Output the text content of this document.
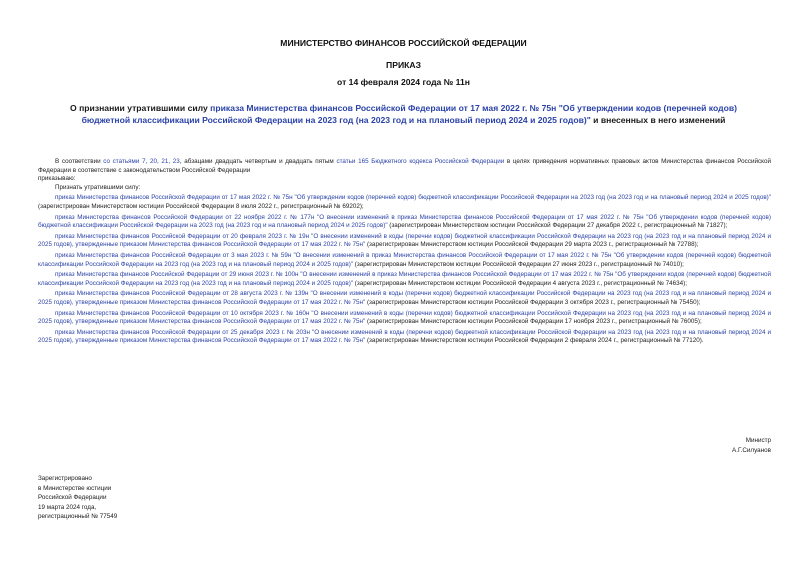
МИНИСТЕРСТВО ФИНАНСОВ РОССИЙСКОЙ ФЕДЕРАЦИИ
ПРИКАЗ
от 14 февраля 2024 года № 11н
О признании утратившими силу приказа Министерства финансов Российской Федерации от 17 мая 2022 г. № 75н "Об утверждении кодов (перечней кодов) бюджетной классификации Российской Федерации на 2023 год (на 2023 год и на плановый период 2024 и 2025 годов)" и внесенных в него изменений

В соответствии со статьями 7, 20, 21, 23, абзацами двадцать четвертым и двадцать пятым статьи 165 Бюджетного кодекса Российской Федерации в целях приведения нормативных правовых актов Министерства финансов Российской Федерации в соответствие с законодательством Российской Федерации

приказываю:

Признать утратившими силу:

приказ Министерства финансов Российской Федерации от 17 мая 2022 г. № 75н "Об утверждении кодов (перечней кодов) бюджетной классификации Российской Федерации на 2023 год (на 2023 год и на плановый период 2024 и 2025 годов)" (зарегистрирован Министерством юстиции Российской Федерации 8 июля 2022 г., регистрационный № 69202);

приказ Министерства финансов Российской Федерации от 22 ноября 2022 г. № 177н "О внесении изменений в приказ Министерства финансов Российской Федерации от 17 мая 2022 г. № 75н "Об утверждении кодов (перечней кодов) бюджетной классификации Российской Федерации на 2023 год (на 2023 год и на плановый период 2024 и 2025 годов)" (зарегистрирован Министерством юстиции Российской Федерации 27 декабря 2022 г., регистрационный № 71827);

приказ Министерства финансов Российской Федерации от 20 февраля 2023 г. № 19н "О внесении изменений в коды (перечни кодов) бюджетной классификации Российской Федерации на 2023 год (на 2023 год и на плановый период 2024 и 2025 годов), утвержденные приказом Министерства финансов Российской Федерации от 17 мая 2022 г. № 75н" (зарегистрирован Министерством юстиции Российской Федерации 29 марта 2023 г., регистрационный № 72788);

приказ Министерства финансов Российской Федерации от 3 мая 2023 г. № 59н "О внесении изменений в приказ Министерства финансов Российской Федерации от 17 мая 2022 г. № 75н "Об утверждении кодов (перечней кодов) бюджетной классификации Российской Федерации на 2023 год (на 2023 год и на плановый период 2024 и 2025 годов)" (зарегистрирован Министерством юстиции Российской Федерации 27 июня 2023 г., регистрационный № 74010);

приказ Министерства финансов Российской Федерации от 29 июня 2023 г. № 100н "О внесении изменений в приказ Министерства финансов Российской Федерации от 17 мая 2022 г. № 75н "Об утверждении кодов (перечней кодов) бюджетной классификации Российской Федерации на 2023 год (на 2023 год и на плановый период 2024 и 2025 годов)" (зарегистрирован Министерством юстиции Российской Федерации 4 августа 2023 г., регистрационный № 74634);

приказ Министерства финансов Российской Федерации от 28 августа 2023 г. № 139н "О внесении изменений в коды (перечни кодов) бюджетной классификации Российской Федерации на 2023 год (на 2023 год и на плановый период 2024 и 2025 годов), утвержденные приказом Министерства финансов Российской Федерации от 17 мая 2022 г. № 75н" (зарегистрирован Министерством юстиции Российской Федерации 3 октября 2023 г., регистрационный № 75450);

приказ Министерства финансов Российской Федерации от 10 октября 2023 г. № 160н "О внесении изменений в коды (перечни кодов) бюджетной классификации Российской Федерации на 2023 год (на 2023 год и на плановый период 2024 и 2025 годов), утвержденные приказом Министерства финансов Российской Федерации от 17 мая 2022 г. № 75н" (зарегистрирован Министерством юстиции Российской Федерации 17 ноября 2023 г., регистрационный № 76005);

приказ Министерства финансов Российской Федерации от 25 декабря 2023 г. № 203н "О внесении изменений в коды (перечни кодов) бюджетной классификации Российской Федерации на 2023 год (на 2023 год и на плановый период 2024 и 2025 годов), утвержденные приказом Министерства финансов Российской Федерации от 17 мая 2022 г. № 75н" (зарегистрирован Министерством юстиции Российской Федерации 2 февраля 2024 г., регистрационный № 77120).

Министр
А.Г.Силуанов
Зарегистрировано
в Министерстве юстиции
Российской Федерации
19 марта 2024 года,
регистрационный № 77549
